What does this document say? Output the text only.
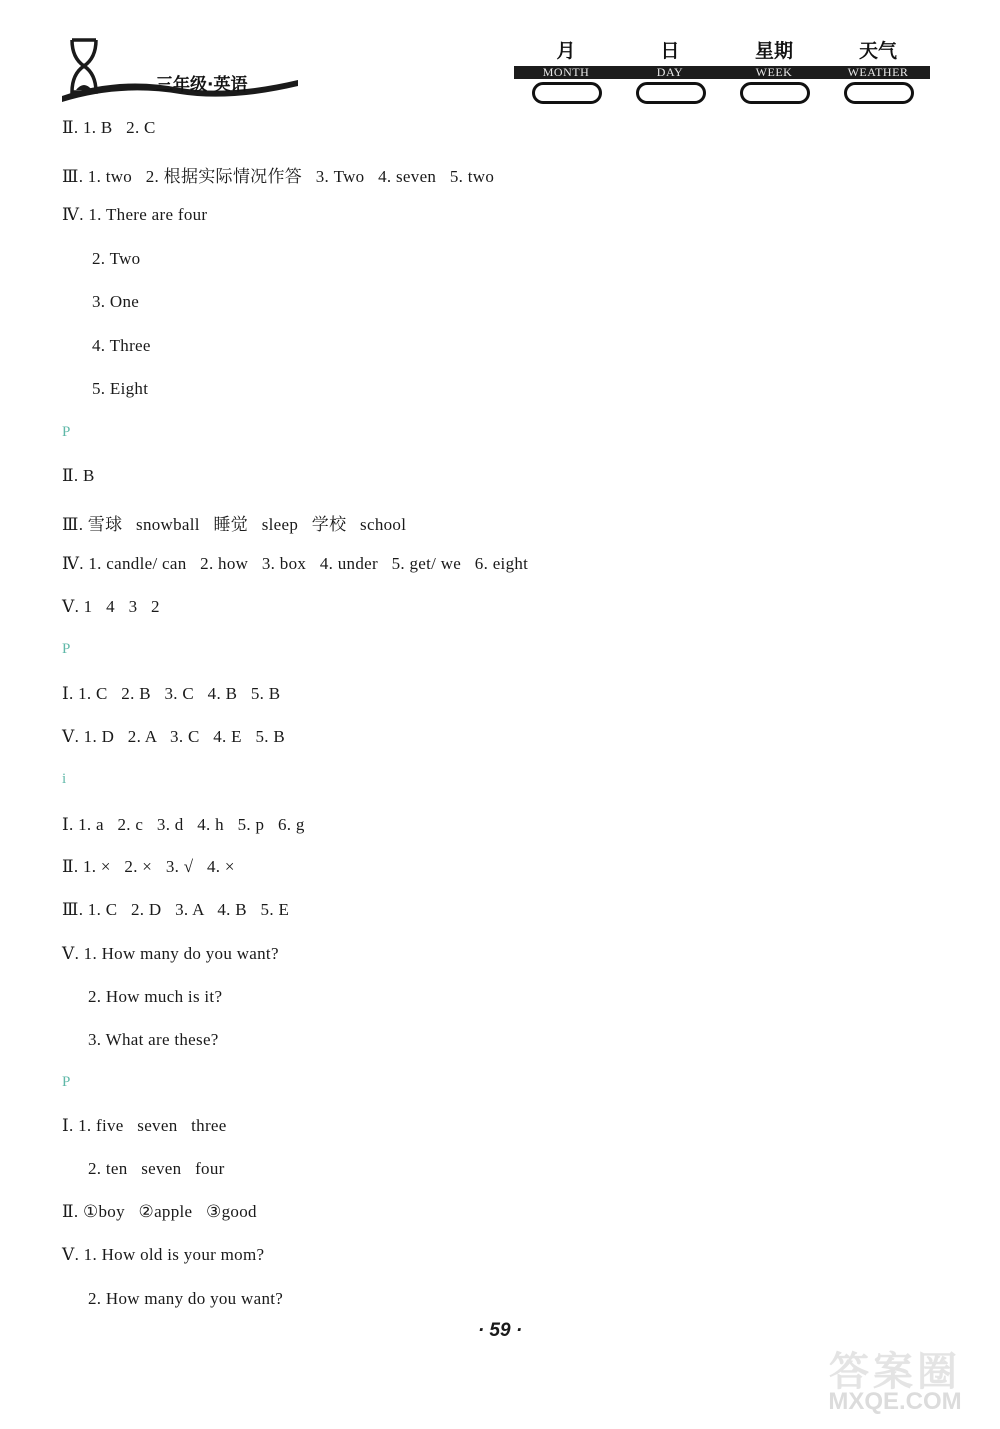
三年级·英语
月
MONTH
日
DAY
星期
WEEK
天气
WEATHER
Ⅱ. 1. B   2. C
Ⅲ. 1. two   2. 根据实际情况作答   3. Two   4. seven   5. two
Ⅳ. 1. There are four
2. Two
3. One
4. Three
5. Eight
P
Ⅱ. B
Ⅲ. 雪球   snowball   睡觉   sleep   学校   school
Ⅳ. 1. candle/ can   2. how   3. box   4. under   5. get/ we   6. eight
Ⅴ. 1   4   3   2
P
Ⅰ. 1. C   2. B   3. C   4. B   5. B
Ⅴ. 1. D   2. A   3. C   4. E   5. B
i
Ⅰ. 1. a   2. c   3. d   4. h   5. p   6. g
Ⅱ. 1. ×   2. ×   3. √   4. ×
Ⅲ. 1. C   2. D   3. A   4. B   5. E
Ⅴ. 1. How many do you want?
2. How much is it?
3. What are these?
P
Ⅰ. 1. five   seven   three
2. ten   seven   four
Ⅱ. ①boy   ②apple   ③good
Ⅴ. 1. How old is your mom?
2. How many do you want?
· 59 ·
答案圈
MXQE.COM
